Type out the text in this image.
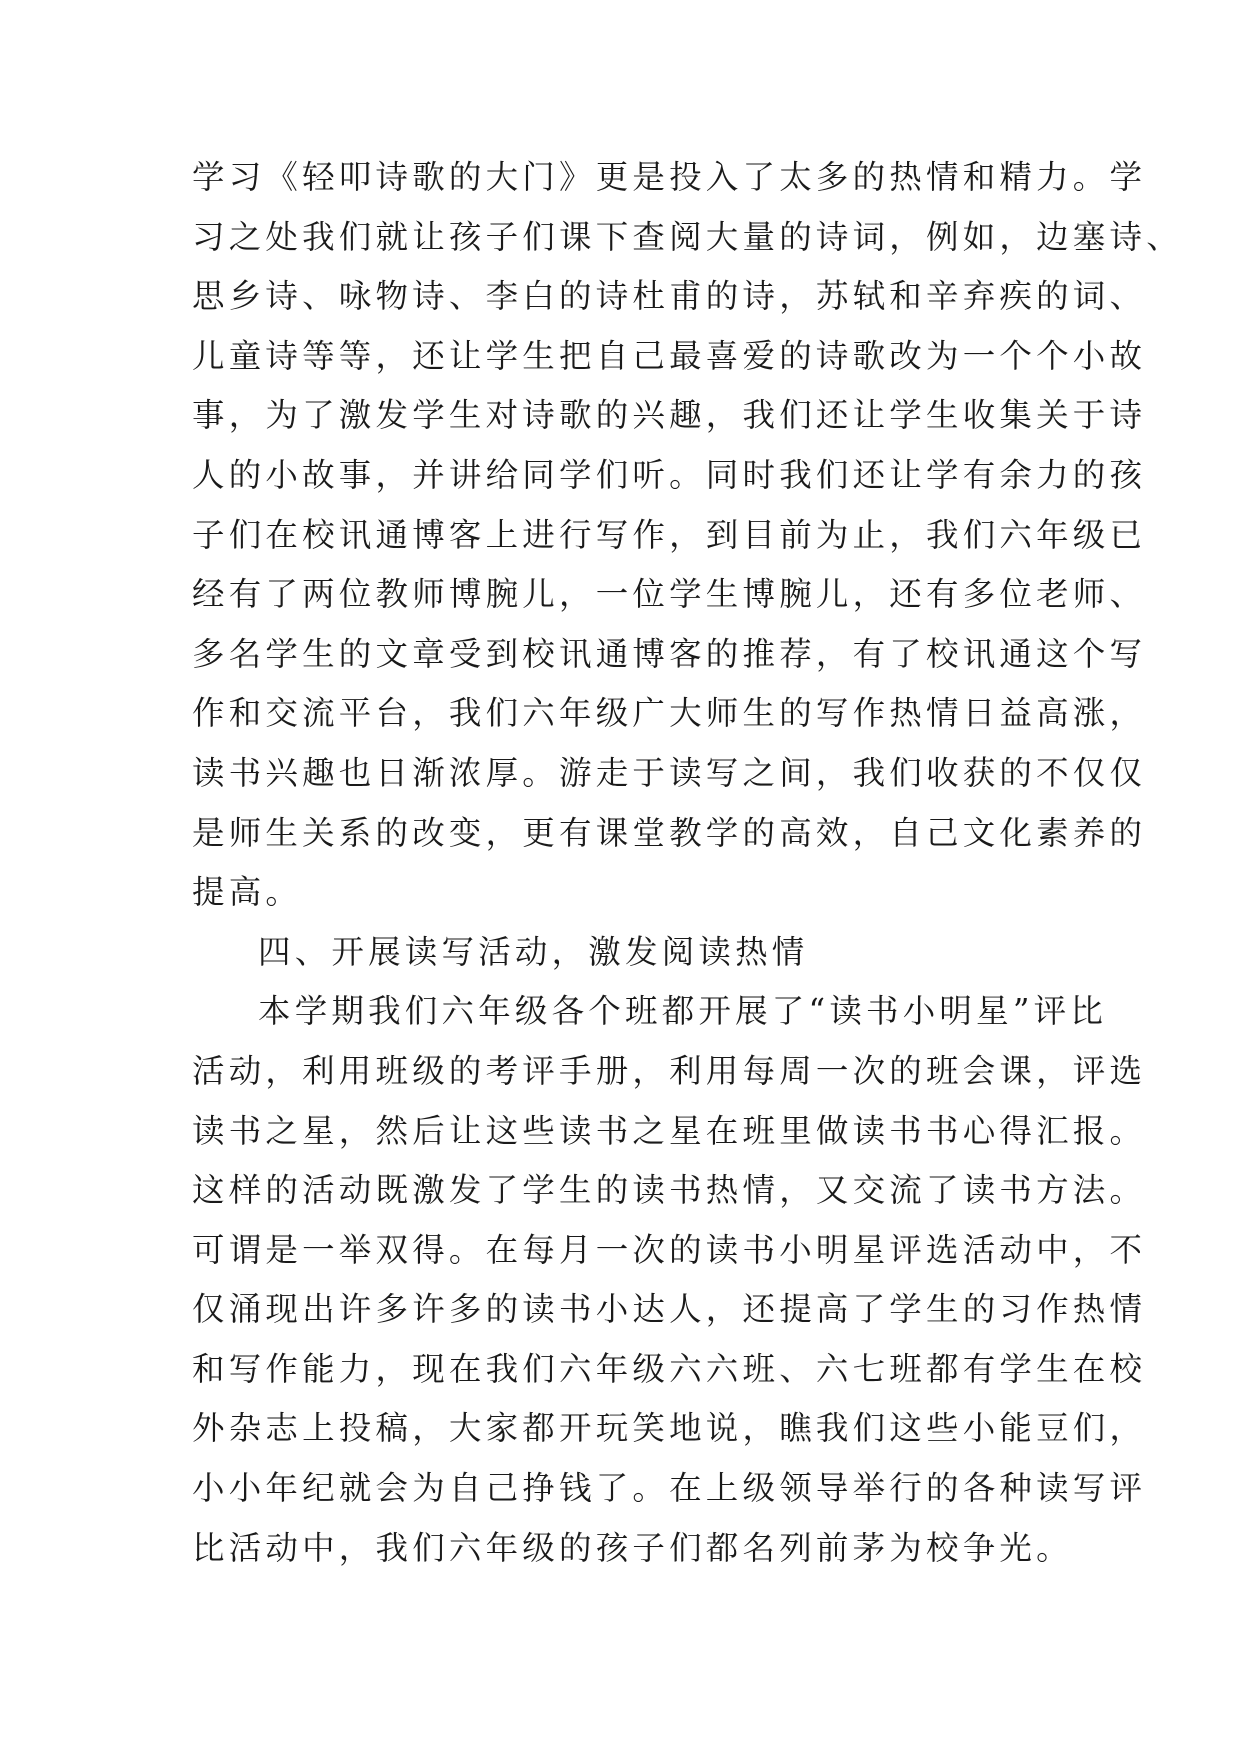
学习《轻叩诗歌的大门》更是投入了太多的热情和精力。学
习之处我们就让孩子们课下查阅大量的诗词，例如，边塞诗、
思乡诗、咏物诗、李白的诗杜甫的诗，苏轼和辛弃疾的词、
儿童诗等等，还让学生把自己最喜爱的诗歌改为一个个小故
事，为了激发学生对诗歌的兴趣，我们还让学生收集关于诗
人的小故事，并讲给同学们听。同时我们还让学有余力的孩
子们在校讯通博客上进行写作，到目前为止，我们六年级已
经有了两位教师博腕儿，一位学生博腕儿，还有多位老师、
多名学生的文章受到校讯通博客的推荐，有了校讯通这个写
作和交流平台，我们六年级广大师生的写作热情日益高涨，
读书兴趣也日渐浓厚。游走于读写之间，我们收获的不仅仅
是师生关系的改变，更有课堂教学的高效，自己文化素养的
提高。
四、开展读写活动，激发阅读热情
本学期我们六年级各个班都开展了“读书小明星”评比
活动，利用班级的考评手册，利用每周一次的班会课，评选
读书之星，然后让这些读书之星在班里做读书书心得汇报。
这样的活动既激发了学生的读书热情，又交流了读书方法。
可谓是一举双得。在每月一次的读书小明星评选活动中，不
仅涌现出许多许多的读书小达人，还提高了学生的习作热情
和写作能力，现在我们六年级六六班、六七班都有学生在校
外杂志上投稿，大家都开玩笑地说，瞧我们这些小能豆们，
小小年纪就会为自己挣钱了。在上级领导举行的各种读写评
比活动中，我们六年级的孩子们都名列前茅为校争光。
